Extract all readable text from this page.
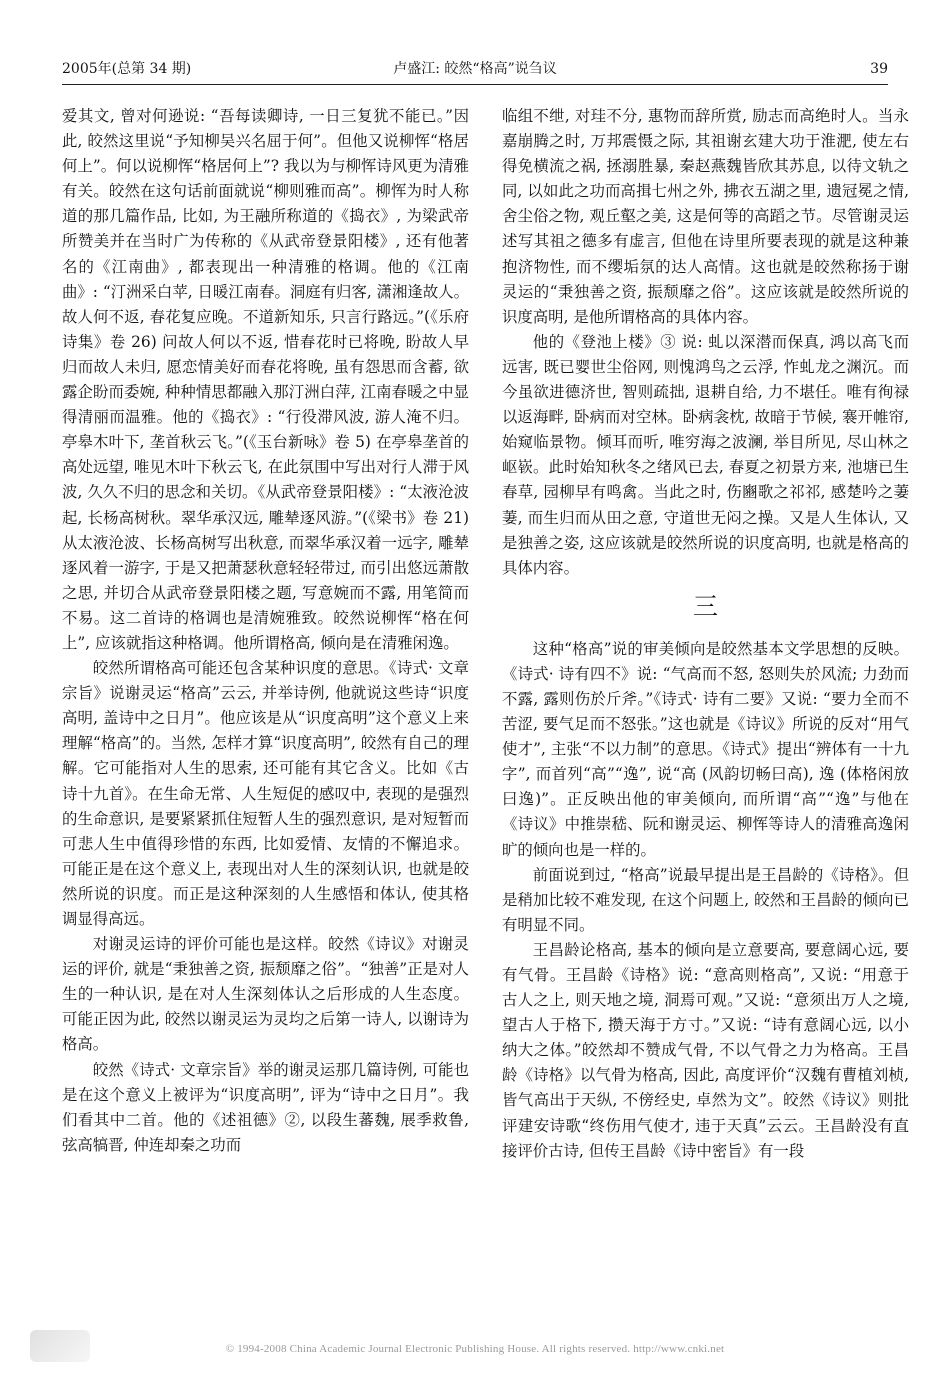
2005年(总第 34 期)	卢盛江: 皎然“格高”说刍议	39

爱其文, 曾对何逊说: “吾每读卿诗, 一日三复犹不能已。”因此, 皎然这里说“予知柳吴兴名屈于何”。但他又说柳恽“格居何上”。何以说柳恽“格居何上”? 我以为与柳恽诗风更为清雅有关。皎然在这句话前面就说“柳则雅而高”。柳恽为时人称道的那几篇作品, 比如, 为王融所称道的《捣衣》, 为梁武帝所赞美并在当时广为传称的《从武帝登景阳楼》, 还有他著名的《江南曲》, 都表现出一种清雅的格调。他的《江南曲》: “汀洲采白苹, 日暖江南春。洞庭有归客, 潇湘逢故人。故人何不返, 春花复应晚。不道新知乐, 只言行路远。”(《乐府诗集》卷 26) 问故人何以不返, 惜春花时已将晚, 盼故人早归而故人未归, 愿恋情美好而春花将晚, 虽有怨思而含蓄, 欲露企盼而委婉, 种种情思都融入那汀洲白萍, 江南春暖之中显得清丽而温雅。他的《捣衣》: “行役滞风波, 游人淹不归。亭皋木叶下, 垄首秋云飞。”(《玉台新咏》卷 5) 在亭皋垄首的高处远望, 唯见木叶下秋云飞, 在此氛围中写出对行人滞于风波, 久久不归的思念和关切。《从武帝登景阳楼》: “太液沧波起, 长杨高树秋。翠华承汉远, 雕辇逐风游。”(《梁书》卷 21) 从太液沧波、长杨高树写出秋意, 而翠华承汉着一远字, 雕辇逐风着一游字, 于是又把萧瑟秋意轻轻带过, 而引出悠远萧散之思, 并切合从武帝登景阳楼之题, 写意婉而不露, 用笔简而不易。这二首诗的格调也是清婉雅致。皎然说柳恽“格在何上”, 应该就指这种格调。他所谓格高, 倾向是在清雅闲逸。

皎然所谓格高可能还包含某种识度的意思。《诗式· 文章宗旨》说谢灵运“格高”云云, 并举诗例, 他就说这些诗“识度高明, 盖诗中之日月”。他应该是从“识度高明”这个意义上来理解“格高”的。当然, 怎样才算“识度高明”, 皎然有自己的理解。它可能指对人生的思索, 还可能有其它含义。比如《古诗十九首》。在生命无常、人生短促的感叹中, 表现的是强烈的生命意识, 是要紧紧抓住短暂人生的强烈意识, 是对短暂而可悲人生中值得珍惜的东西, 比如爱情、友情的不懈追求。可能正是在这个意义上, 表现出对人生的深刻认识, 也就是皎然所说的识度。而正是这种深刻的人生感悟和体认, 使其格调显得高远。

对谢灵运诗的评价可能也是这样。皎然《诗议》对谢灵运的评价, 就是“秉独善之资, 振颓靡之俗”。“独善”正是对人生的一种认识, 是在对人生深刻体认之后形成的人生态度。可能正因为此, 皎然以谢灵运为灵均之后第一诗人, 以谢诗为格高。

皎然《诗式· 文章宗旨》举的谢灵运那几篇诗例, 可能也是在这个意义上被评为“识度高明”, 评为“诗中之日月”。我们看其中二首。他的《述祖德》②, 以段生蕃魏, 展季救鲁, 弦高犒晋, 仲连却秦之功而

临组不绁, 对珪不分, 惠物而辞所赏, 励志而高绝时人。当永嘉崩腾之时, 万邦震慑之际, 其祖谢玄建大功于淮淝, 使左右得免横流之祸, 拯溺胜暴, 秦赵燕魏皆欣其苏息, 以待文轨之同, 以如此之功而高揖七州之外, 拂衣五湖之里, 遗冠冕之情, 舍尘俗之物, 观丘壑之美, 这是何等的高蹈之节。尽管谢灵运述写其祖之德多有虚言, 但他在诗里所要表现的就是这种兼抱济物性, 而不缨垢氛的达人高情。这也就是皎然称扬于谢灵运的“秉独善之资, 振颓靡之俗”。这应该就是皎然所说的识度高明, 是他所谓格高的具体内容。

他的《登池上楼》③ 说: 虬以深潜而保真, 鸿以高飞而远害, 既已婴世尘俗网, 则愧鸿鸟之云浮, 怍虬龙之渊沉。而今虽欲进德济世, 智则疏拙, 退耕自给, 力不堪任。唯有徇禄以返海畔, 卧病而对空林。卧病衾枕, 故暗于节候, 褰开帷帘, 始窥临景物。倾耳而听, 唯穷海之波澜, 举目所见, 尽山林之岖嵚。此时始知秋冬之绪风已去, 春夏之初景方来, 池塘已生春草, 园柳早有鸣禽。当此之时, 伤豳歌之祁祁, 感楚吟之萋萋, 而生归而从田之意, 守道世无闷之操。又是人生体认, 又是独善之姿, 这应该就是皎然所说的识度高明, 也就是格高的具体内容。

三

这种“格高”说的审美倾向是皎然基本文学思想的反映。《诗式· 诗有四不》说: “气高而不怒, 怒则失於风流; 力劲而不露, 露则伤於斤斧。”《诗式· 诗有二要》又说: “要力全而不苦涩, 要气足而不怒张。”这也就是《诗议》所说的反对“用气使才”, 主张“不以力制”的意思。《诗式》提出“辨体有一十九字”, 而首列“高”“逸”, 说“高 (风韵切畅曰高), 逸 (体格闲放曰逸)”。正反映出他的审美倾向, 而所谓“高”“逸”与他在《诗议》中推崇嵇、阮和谢灵运、柳恽等诗人的清雅高逸闲旷的倾向也是一样的。

前面说到过, “格高”说最早提出是王昌龄的《诗格》。但是稍加比较不难发现, 在这个问题上, 皎然和王昌龄的倾向已有明显不同。

王昌龄论格高, 基本的倾向是立意要高, 要意阔心远, 要有气骨。王昌龄《诗格》说: “意高则格高”, 又说: “用意于古人之上, 则天地之境, 洞焉可观。”又说: “意须出万人之境, 望古人于格下, 攒天海于方寸。”又说: “诗有意阔心远, 以小纳大之体。”皎然却不赞成气骨, 不以气骨之力为格高。王昌龄《诗格》以气骨为格高, 因此, 高度评价“汉魏有曹植刘桢, 皆气高出于天纵, 不傍经史, 卓然为文”。皎然《诗议》则批评建安诗歌“终伤用气使才, 违于天真”云云。王昌龄没有直接评价古诗, 但传王昌龄《诗中密旨》有一段

© 1994-2008 China Academic Journal Electronic Publishing House. All rights reserved. http://www.cnki.net
